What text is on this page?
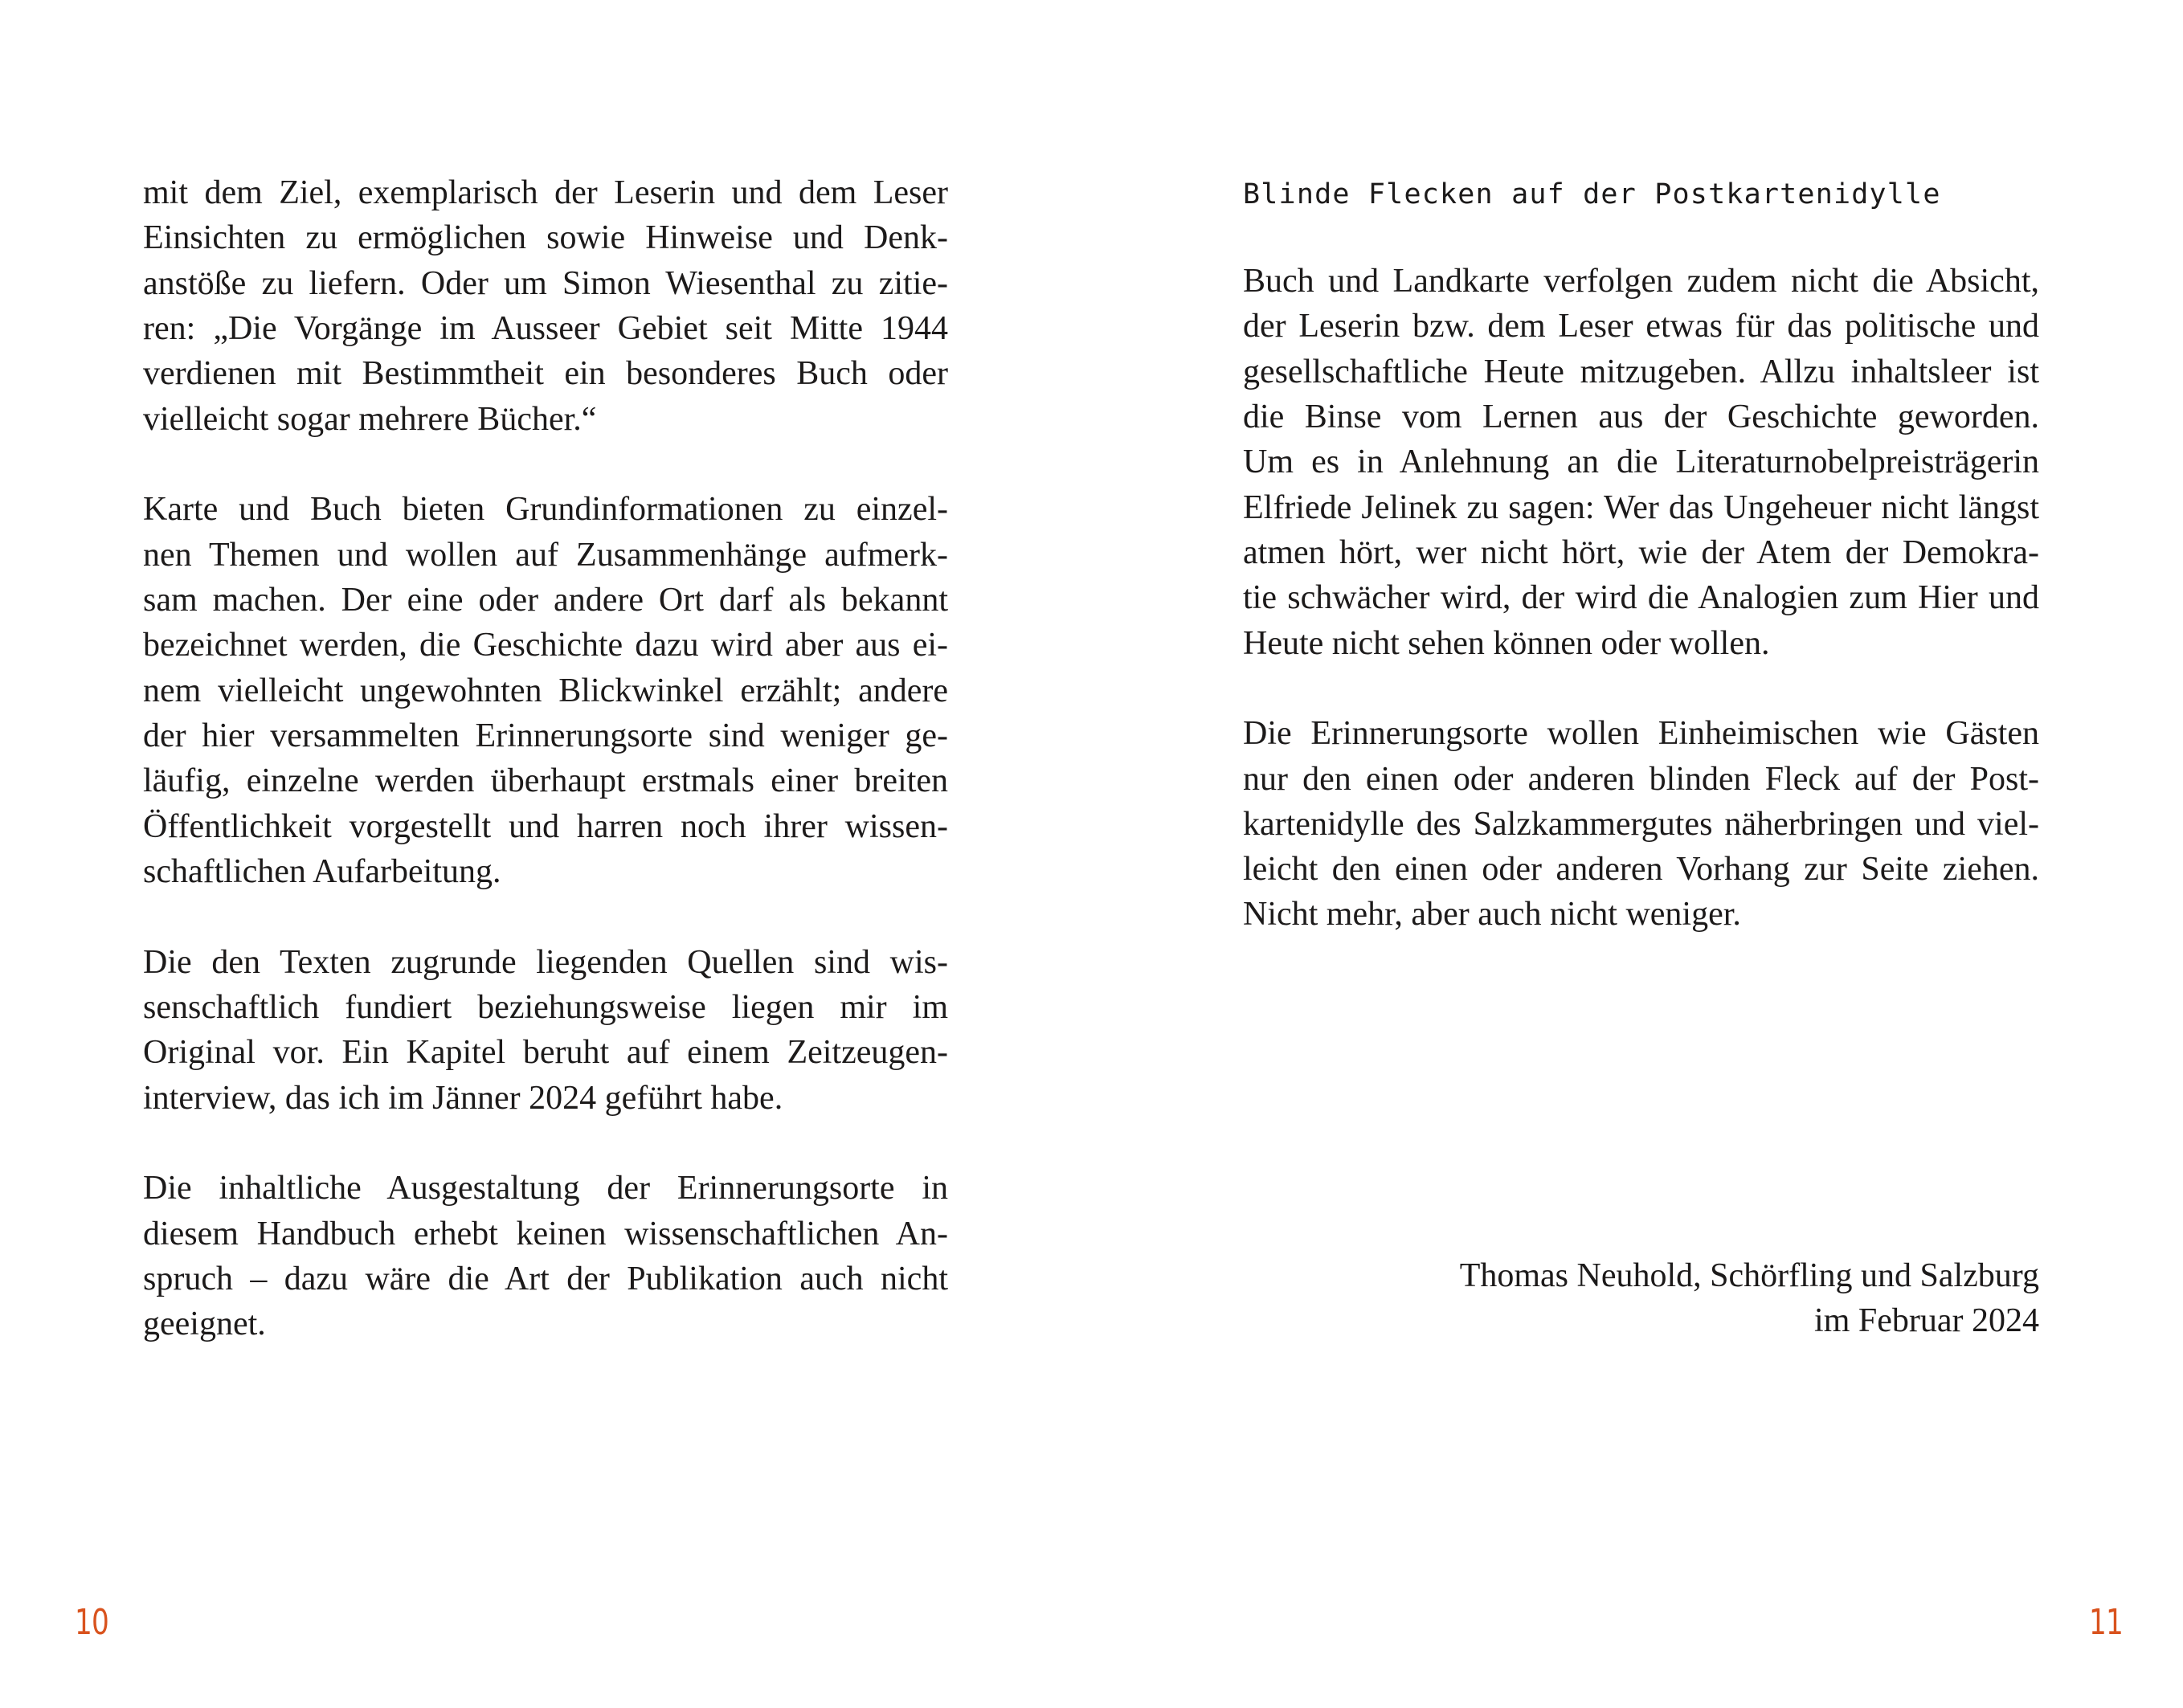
mit dem Ziel, exemplarisch der Leserin und dem Leser
Einsichten zu ermöglichen sowie Hinweise und Denk-
anstöße zu liefern. Oder um Simon Wiesenthal zu zitie-
ren: „Die Vorgänge im Ausseer Gebiet seit Mitte 1944
verdienen mit Bestimmtheit ein besonderes Buch oder
vielleicht sogar mehrere Bücher.“
Karte und Buch bieten Grundinformationen zu einzel-
nen Themen und wollen auf Zusammenhänge aufmerk-
sam machen. Der eine oder andere Ort darf als bekannt
bezeichnet werden, die Geschichte dazu wird aber aus ei-
nem vielleicht ungewohnten Blickwinkel erzählt; andere
der hier versammelten Erinnerungsorte sind weniger ge-
läufig, einzelne werden überhaupt erstmals einer breiten
Öffentlichkeit vorgestellt und harren noch ihrer wissen-
schaftlichen Aufarbeitung.
Die den Texten zugrunde liegenden Quellen sind wis-
senschaftlich fundiert beziehungsweise liegen mir im
Original vor. Ein Kapitel beruht auf einem Zeitzeugen-
interview, das ich im Jänner 2024 geführt habe.
Die inhaltliche Ausgestaltung der Erinnerungsorte in
diesem Handbuch erhebt keinen wissenschaftlichen An-
spruch – dazu wäre die Art der Publikation auch nicht
geeignet.
10
Blinde Flecken auf der Postkartenidylle
Buch und Landkarte verfolgen zudem nicht die Absicht,
der Leserin bzw. dem Leser etwas für das politische und
gesellschaftliche Heute mitzugeben. Allzu inhaltsleer ist
die Binse vom Lernen aus der Geschichte geworden.
Um es in Anlehnung an die Literaturnobelpreisträgerin
Elfriede Jelinek zu sagen: Wer das Ungeheuer nicht längst
atmen hört, wer nicht hört, wie der Atem der Demokra-
tie schwächer wird, der wird die Analogien zum Hier und
Heute nicht sehen können oder wollen.
Die Erinnerungsorte wollen Einheimischen wie Gästen
nur den einen oder anderen blinden Fleck auf der Post-
kartenidylle des Salzkammergutes näherbringen und viel-
leicht den einen oder anderen Vorhang zur Seite ziehen.
Nicht mehr, aber auch nicht weniger.
Thomas Neuhold, Schörfling und Salzburg
im Februar 2024
11
